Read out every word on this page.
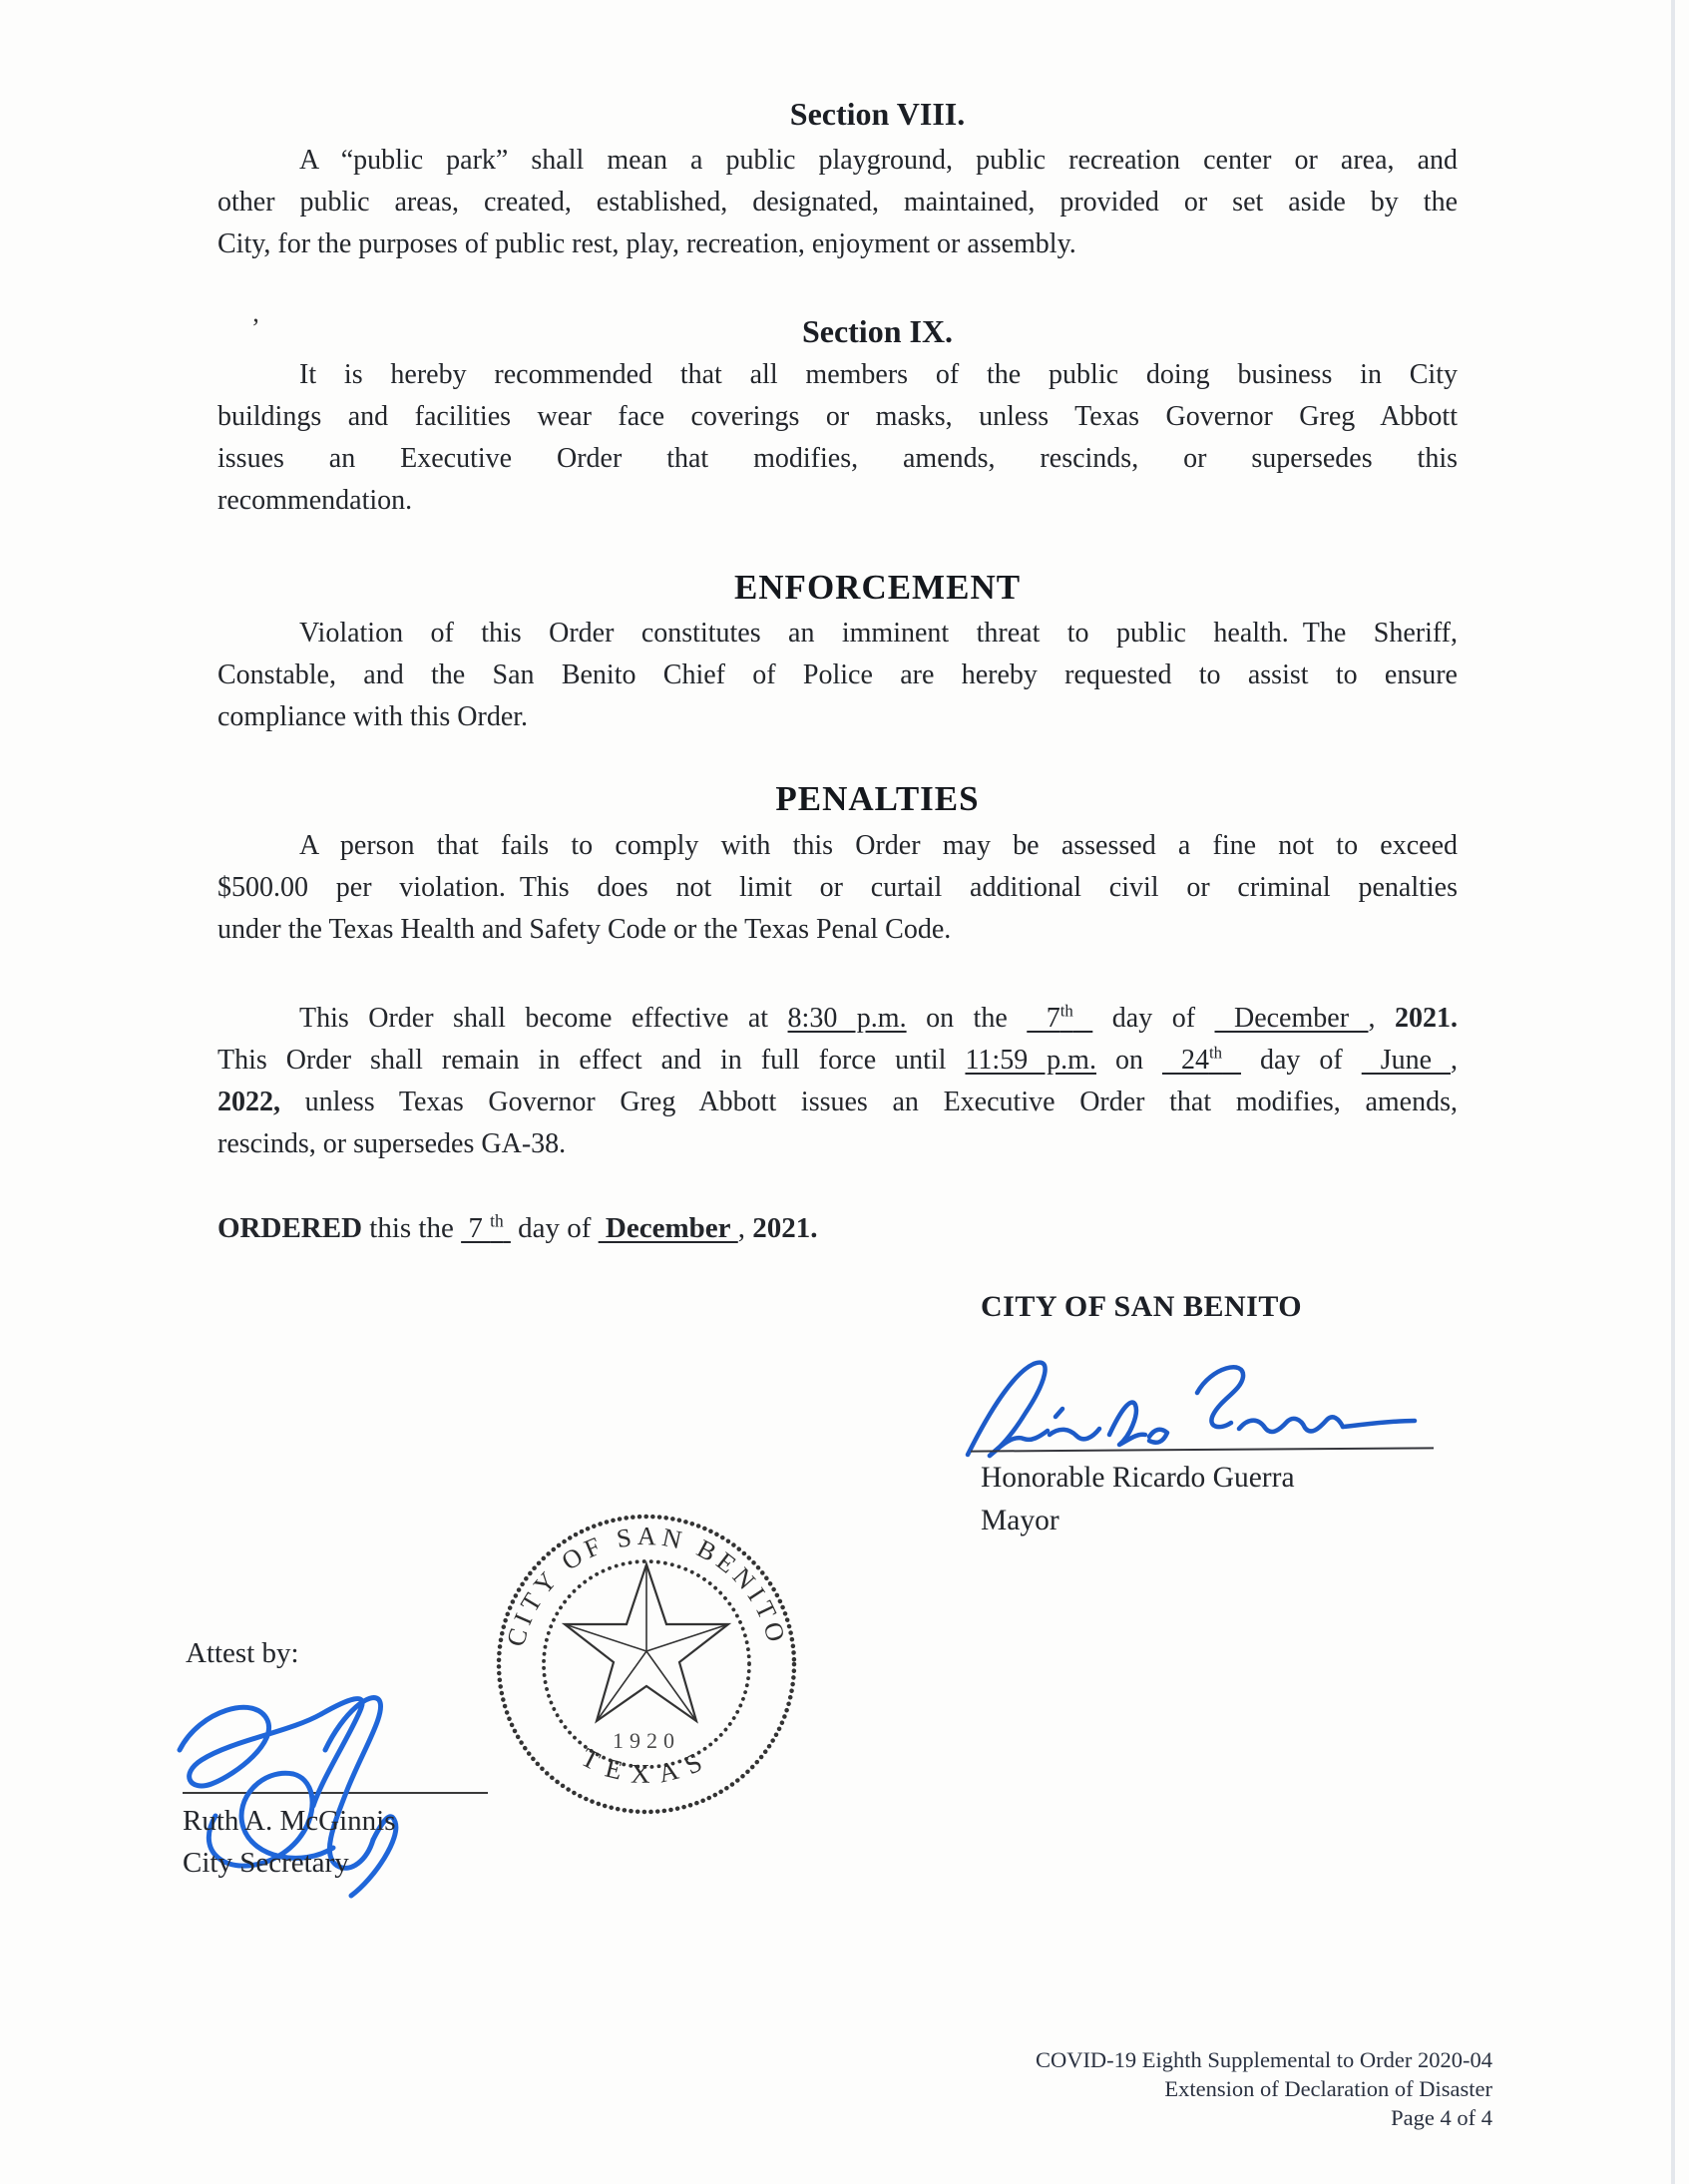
Section VIII.
A “public park” shall mean a public playground, public recreation center or area, and
other public areas, created, established, designated, maintained, provided or set aside by the
City, for the purposes of public rest, play, recreation, enjoyment or assembly.
’	Section IX.
It is hereby recommended that all members of the public doing business in City
buildings and facilities wear face coverings or masks, unless Texas Governor Greg Abbott
issues an Executive Order that modifies, amends, rescinds, or supersedes this
recommendation.
ENFORCEMENT
Violation of this Order constitutes an imminent threat to public health. The Sheriff,
Constable, and the San Benito Chief of Police are hereby requested to assist to ensure
compliance with this Order.
PENALTIES
A person that fails to comply with this Order may be assessed a fine not to exceed
$500.00 per violation. This does not limit or curtail additional civil or criminal penalties
under the Texas Health and Safety Code or the Texas Penal Code.
This Order shall become effective at 8:30 p.m. on the  7th  day of  December , 2021.
This Order shall remain in effect and in full force until 11:59 p.m. on  24th  day of  June ,
2022, unless Texas Governor Greg Abbott issues an Executive Order that modifies, amends,
rescinds, or supersedes GA-38.
ORDERED this the  7 $^{th}$  day of  December , 2021.
CITY OF SAN BENITO
Honorable Ricardo Guerra
Mayor
CITY OF SAN BENITO
TEXAS
1920
Attest by:
Ruth A. McGinnis
City Secretary
COVID-19 Eighth Supplemental to Order 2020-04
Extension of Declaration of Disaster
Page 4 of 4
